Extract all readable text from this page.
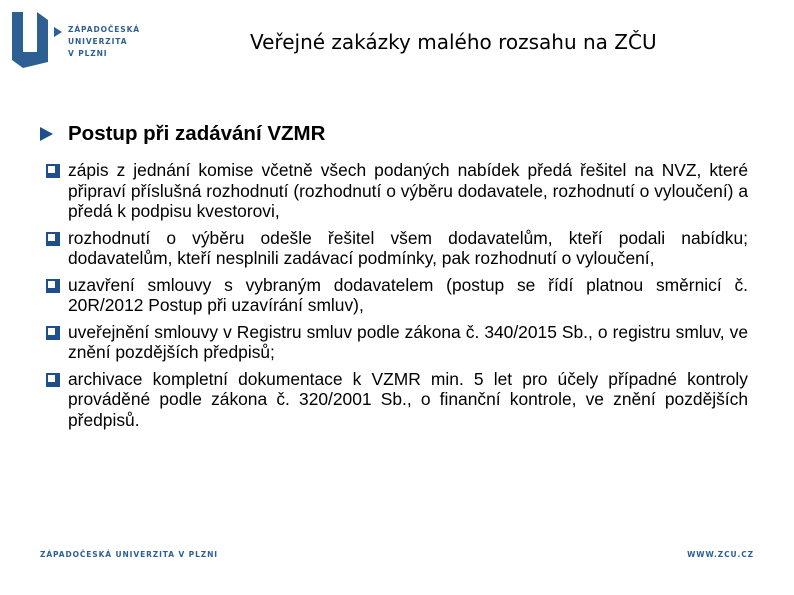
ZÁPADOČESKÁ
UNIVERZITA
V PLZNI	Veřejné zakázky malého rozsahu na ZČU
Postup při zadávání VZMR
zápis z jednání komise včetně všech podaných nabídek předá řešitel na NVZ, které připraví příslušná rozhodnutí (rozhodnutí o výběru dodavatele, rozhodnutí o vyloučení) a předá k podpisu kvestorovi,
rozhodnutí o výběru odešle řešitel všem dodavatelům, kteří podali nabídku; dodavatelům, kteří nesplnili zadávací podmínky, pak rozhodnutí o vyloučení,
uzavření smlouvy s vybraným dodavatelem (postup se řídí platnou směrnicí č. 20R/2012 Postup při uzavírání smluv),
uveřejnění smlouvy v Registru smluv podle zákona č. 340/2015 Sb., o registru smluv, ve znění pozdějších předpisů;
archivace kompletní dokumentace k VZMR min. 5 let pro účely případné kontroly prováděné podle zákona č. 320/2001 Sb., o finanční kontrole, ve znění pozdějších předpisů.
ZÁPADOČESKÁ UNIVERZITA V PLZNI	WWW.ZCU.CZ
